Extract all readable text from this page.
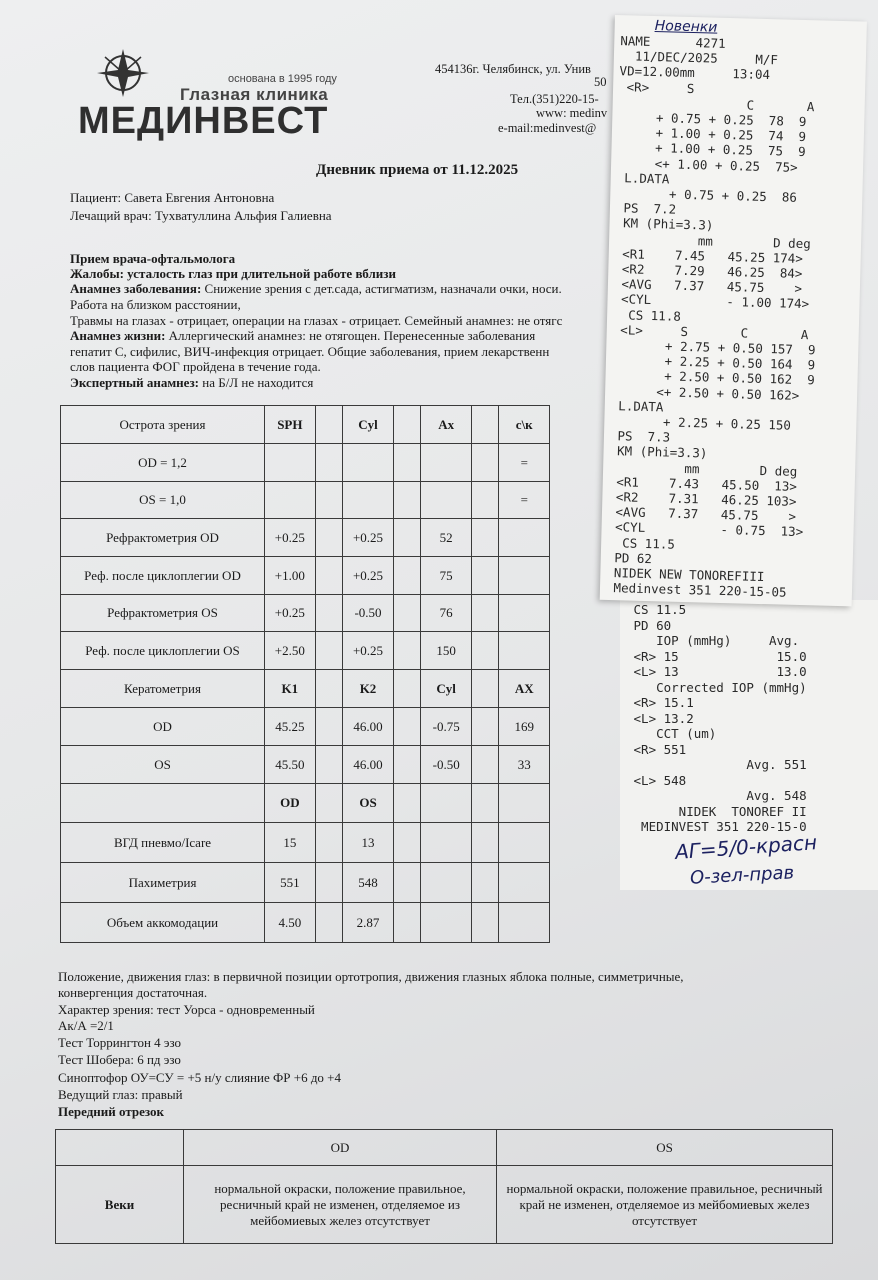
основана в 1995 году
Глазная клиника
МЕДИНВЕСТ
454136г. Челябинск, ул. Унив
50
Тел.(351)220-15-
www: medinv
e-mail:medinvest@
Дневник приема от 11.12.2025
Пациент: Савета Евгения Антоновна
Лечащий врач: Тухватуллина Альфия Галиевна
Прием врача-офтальмолога
Жалобы: усталость глаз при длительной работе вблизи
Анамнез заболевания: Снижение зрения с дет.сада, астигматизм, назначали очки, носи.
Работа на близком расстоянии,
Травмы на глазах - отрицает, операции на глазах - отрицает. Семейный анамнез: не отягс
Анамнез жизни: Аллергический анамнез: не отягощен. Перенесенные заболевания
гепатит С, сифилис, ВИЧ-инфекция отрицает. Общие заболевания, прием лекарственн
слов пациента ФОГ пройдена в течение года.
Экспертный анамнез: на Б/Л не находится
Острота зрения	SPH		Cyl		Ax		с\к
OD = 1,2							=
OS = 1,0							=
Рефрактометрия OD	+0.25		+0.25		52		
Реф. после циклоплегии OD	+1.00		+0.25		75		
Рефрактометрия OS	+0.25		-0.50		76		
Реф. после циклоплегии OS	+2.50		+0.25		150		
Кератометрия	K1		K2		Cyl		AX
OD	45.25		46.00		-0.75		169
OS	45.50		46.00		-0.50		33
	OD		OS				
ВГД пневмо/Icare	15		13				
Пахиметрия	551		548				
Объем аккомодации	4.50		2.87				
Положение, движения глаз: в первичной позиции ортотропия, движения глазных яблока полные, симметричные,
конвергенция достаточная.
Характер зрения: тест Уорса - одновременный
Ак/А =2/1
Тест Торрингтон 4 эзо
Тест Шобера: 6 пд эзо
Синоптофор ОУ=СУ = +5 н/у слияние ФР +6 до +4
Ведущий глаз: правый
Передний отрезок
	OD	OS
Веки	нормальной окраски, положение правильное, ресничный край не изменен, отделяемое из мейбомиевых желез отсутствует	нормальной окраски, положение правильное, ресничный край не изменен, отделяемое из мейбомиевых желез отсутствует
CS 11.5
PD 60
IOP (mmHg)     Avg.
<R> 15             15.0
<L> 13             13.0
Corrected IOP (mmHg)
<R> 15.1
<L> 13.2
CCT (um)
<R> 551
Avg. 551
<L> 548
Avg. 548
NIDEK  TONOREF II
MEDINVEST 351 220-15-0
АГ=5/0-красн
О-зел-прав
Новенки
NAME      4271
11/DEC/2025     M/F
VD=12.00mm     13:04
<R>     S
C       A
+ 0.75 + 0.25  78  9
+ 1.00 + 0.25  74  9
+ 1.00 + 0.25  75  9
<+ 1.00 + 0.25  75>
L.DATA
+ 0.75 + 0.25  86
PS  7.2
KM (Phi=3.3)
mm        D deg
<R1    7.45   45.25 174>
<R2    7.29   46.25  84>
<AVG   7.37   45.75    >
<CYL          - 1.00 174>
CS 11.8
<L>     S       C       A
+ 2.75 + 0.50 157  9
+ 2.25 + 0.50 164  9
+ 2.50 + 0.50 162  9
<+ 2.50 + 0.50 162>
L.DATA
+ 2.25 + 0.25 150
PS  7.3
KM (Phi=3.3)
mm        D deg
<R1    7.43   45.50  13>
<R2    7.31   46.25 103>
<AVG   7.37   45.75    >
<CYL          - 0.75  13>
CS 11.5
PD 62
NIDEK NEW TONOREFIII
Medinvest 351 220-15-05
